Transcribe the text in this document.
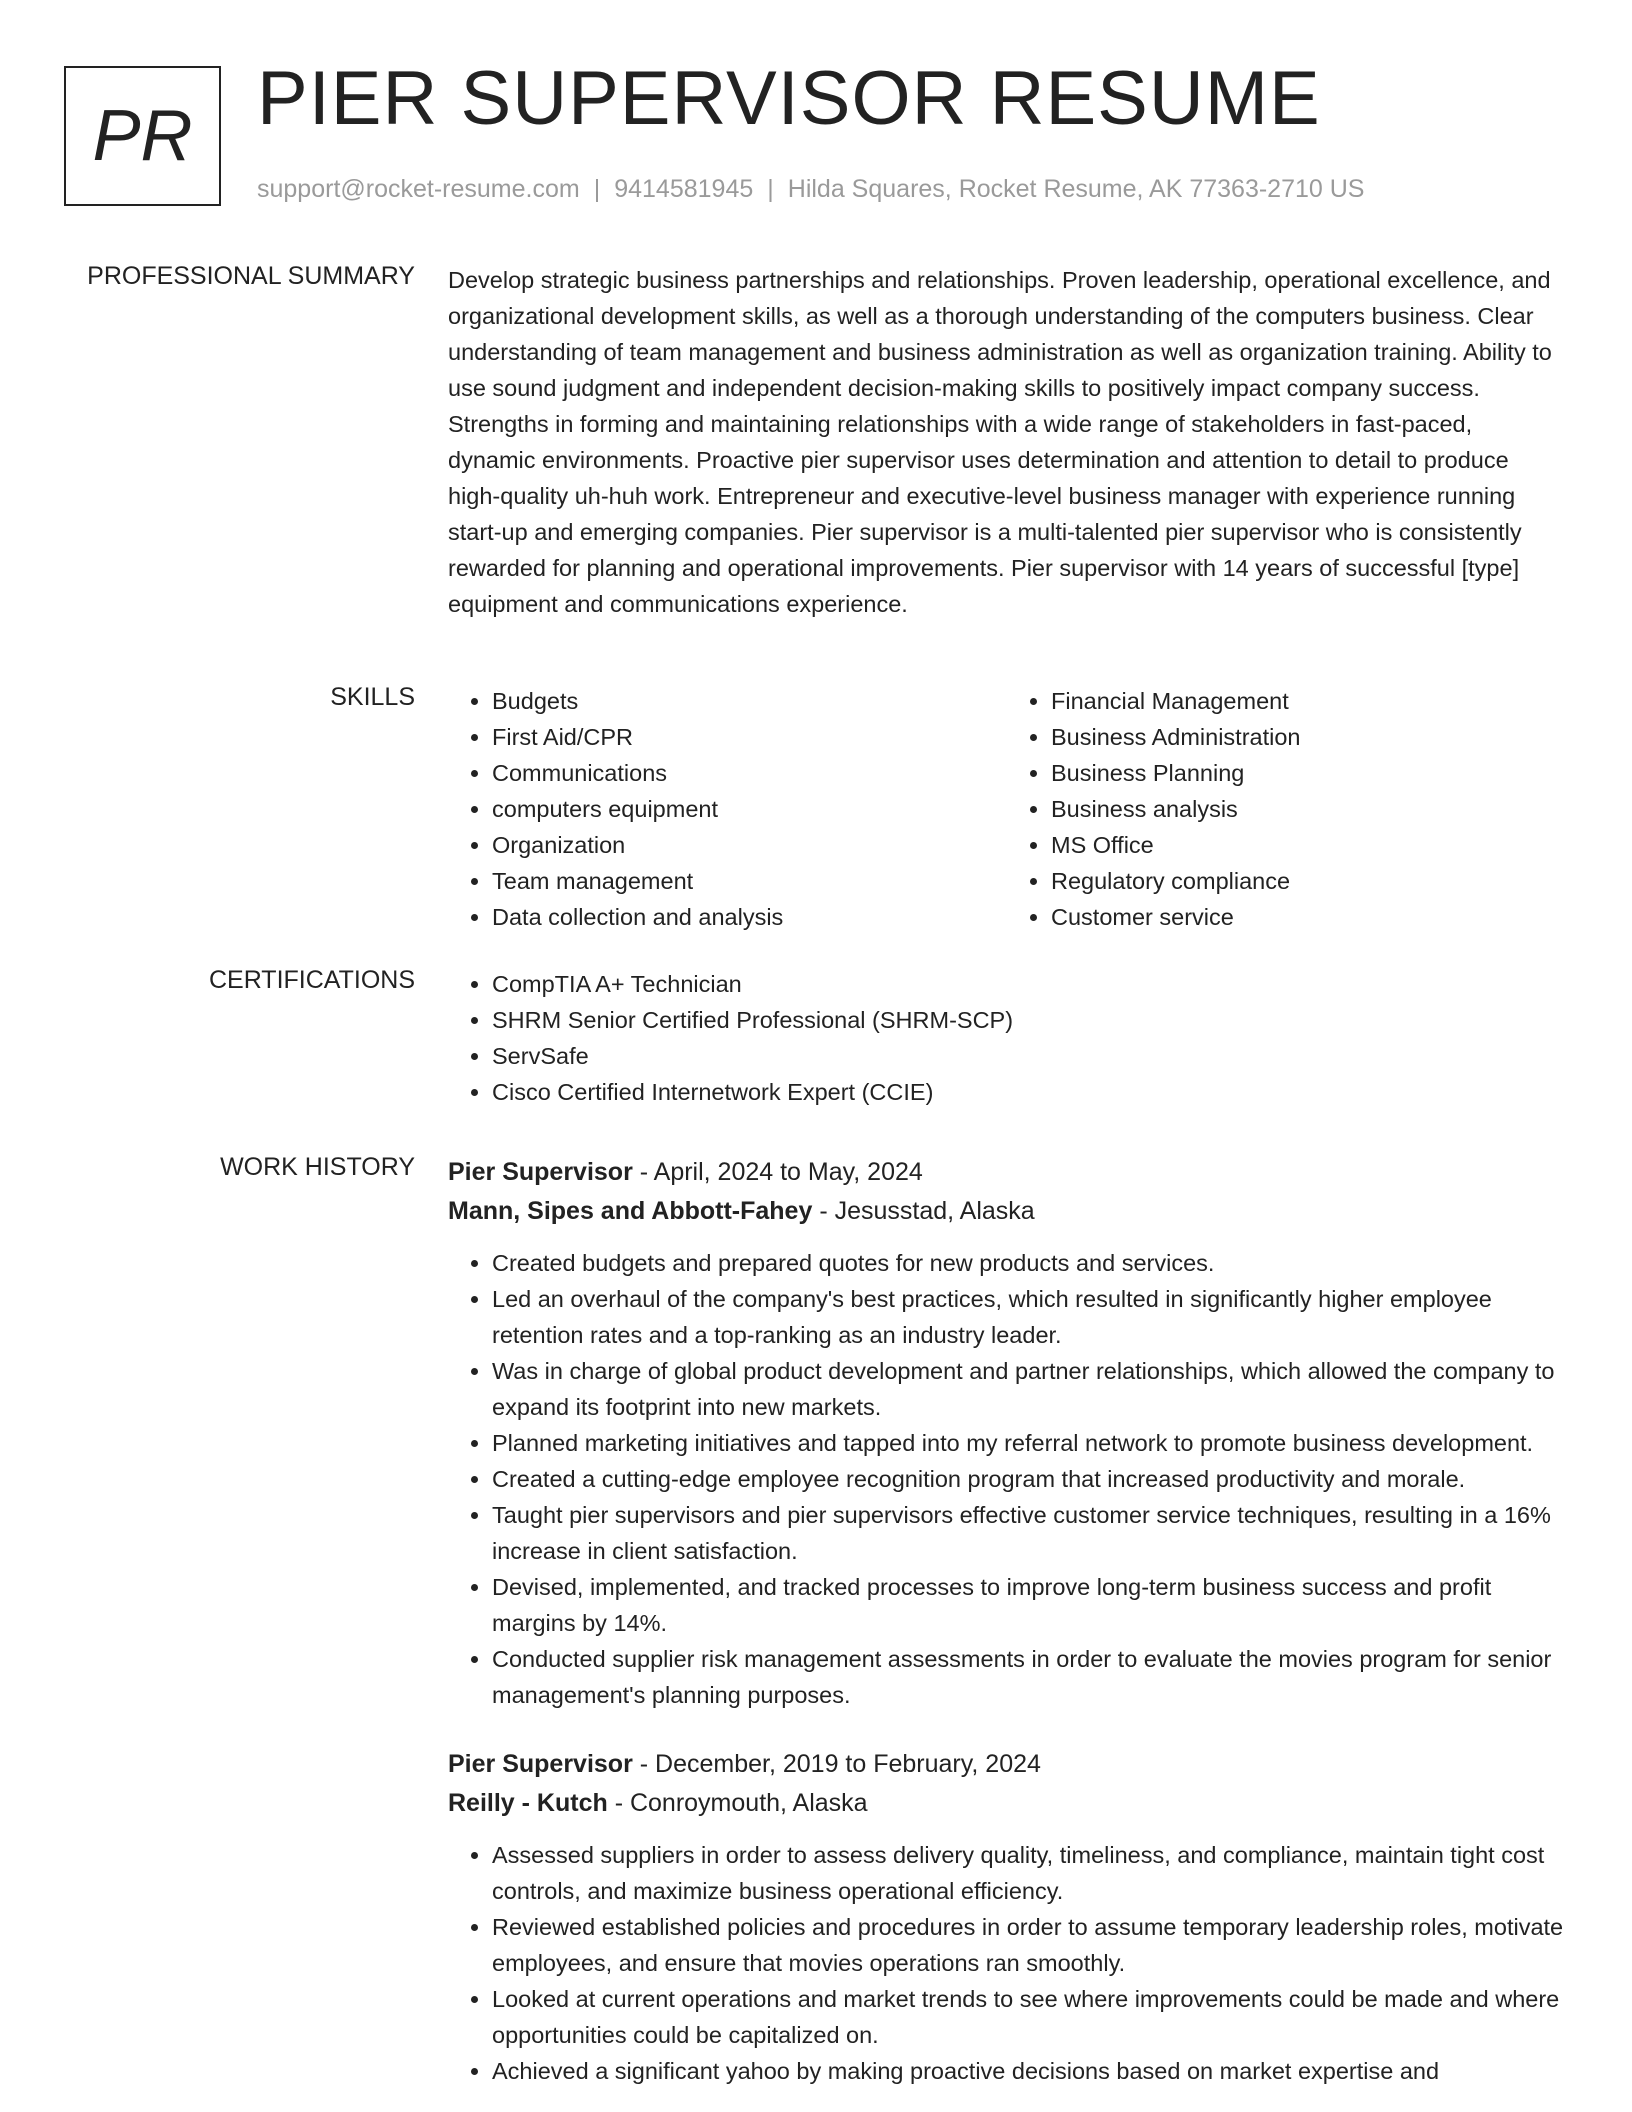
PR PIER SUPERVISOR RESUME
support@rocket-resume.com | 9414581945 | Hilda Squares, Rocket Resume, AK 77363-2710 US
PROFESSIONAL SUMMARY Develop strategic business partnerships and relationships. Proven leadership, operational excellence, and organizational development skills, as well as a thorough understanding of the computers business. Clear understanding of team management and business administration as well as organization training. Ability to use sound judgment and independent decision-making skills to positively impact company success. Strengths in forming and maintaining relationships with a wide range of stakeholders in fast-paced, dynamic environments. Proactive pier supervisor uses determination and attention to detail to produce high-quality uh-huh work. Entrepreneur and executive-level business manager with experience running start-up and emerging companies. Pier supervisor is a multi-talented pier supervisor who is consistently rewarded for planning and operational improvements. Pier supervisor with 14 years of successful [type] equipment and communications experience.

SKILLS	• Budgets
• First Aid/CPR
• Communications
• computers equipment
• Organization
• Team management
• Data collection and analysis
• Financial Management
• Business Administration
• Business Planning
• Business analysis
• MS Office
• Regulatory compliance
• Customer service
CERTIFICATIONS	• CompTIA A+ Technician
• SHRM Senior Certified Professional (SHRM-SCP)
• ServSafe
• Cisco Certified Internetwork Expert (CCIE)
WORK HISTORY Pier Supervisor - April, 2024 to May, 2024
Mann, Sipes and Abbott-Fahey - Jesusstad, Alaska
• Created budgets and prepared quotes for new products and services.
• Led an overhaul of the company's best practices, which resulted in significantly higher employee retention rates and a top-ranking as an industry leader.
• Was in charge of global product development and partner relationships, which allowed the company to expand its footprint into new markets.
• Planned marketing initiatives and tapped into my referral network to promote business development.
• Created a cutting-edge employee recognition program that increased productivity and morale.
• Taught pier supervisors and pier supervisors effective customer service techniques, resulting in a 16% increase in client satisfaction.
• Devised, implemented, and tracked processes to improve long-term business success and profit margins by 14%.
• Conducted supplier risk management assessments in order to evaluate the movies program for senior management's planning purposes.
Pier Supervisor - December, 2019 to February, 2024
Reilly - Kutch - Conroymouth, Alaska
• Assessed suppliers in order to assess delivery quality, timeliness, and compliance, maintain tight cost controls, and maximize business operational efficiency.
• Reviewed established policies and procedures in order to assume temporary leadership roles, motivate employees, and ensure that movies operations ran smoothly.
• Looked at current operations and market trends to see where improvements could be made and where opportunities could be capitalized on.
• Achieved a significant yahoo by making proactive decisions based on market expertise and
